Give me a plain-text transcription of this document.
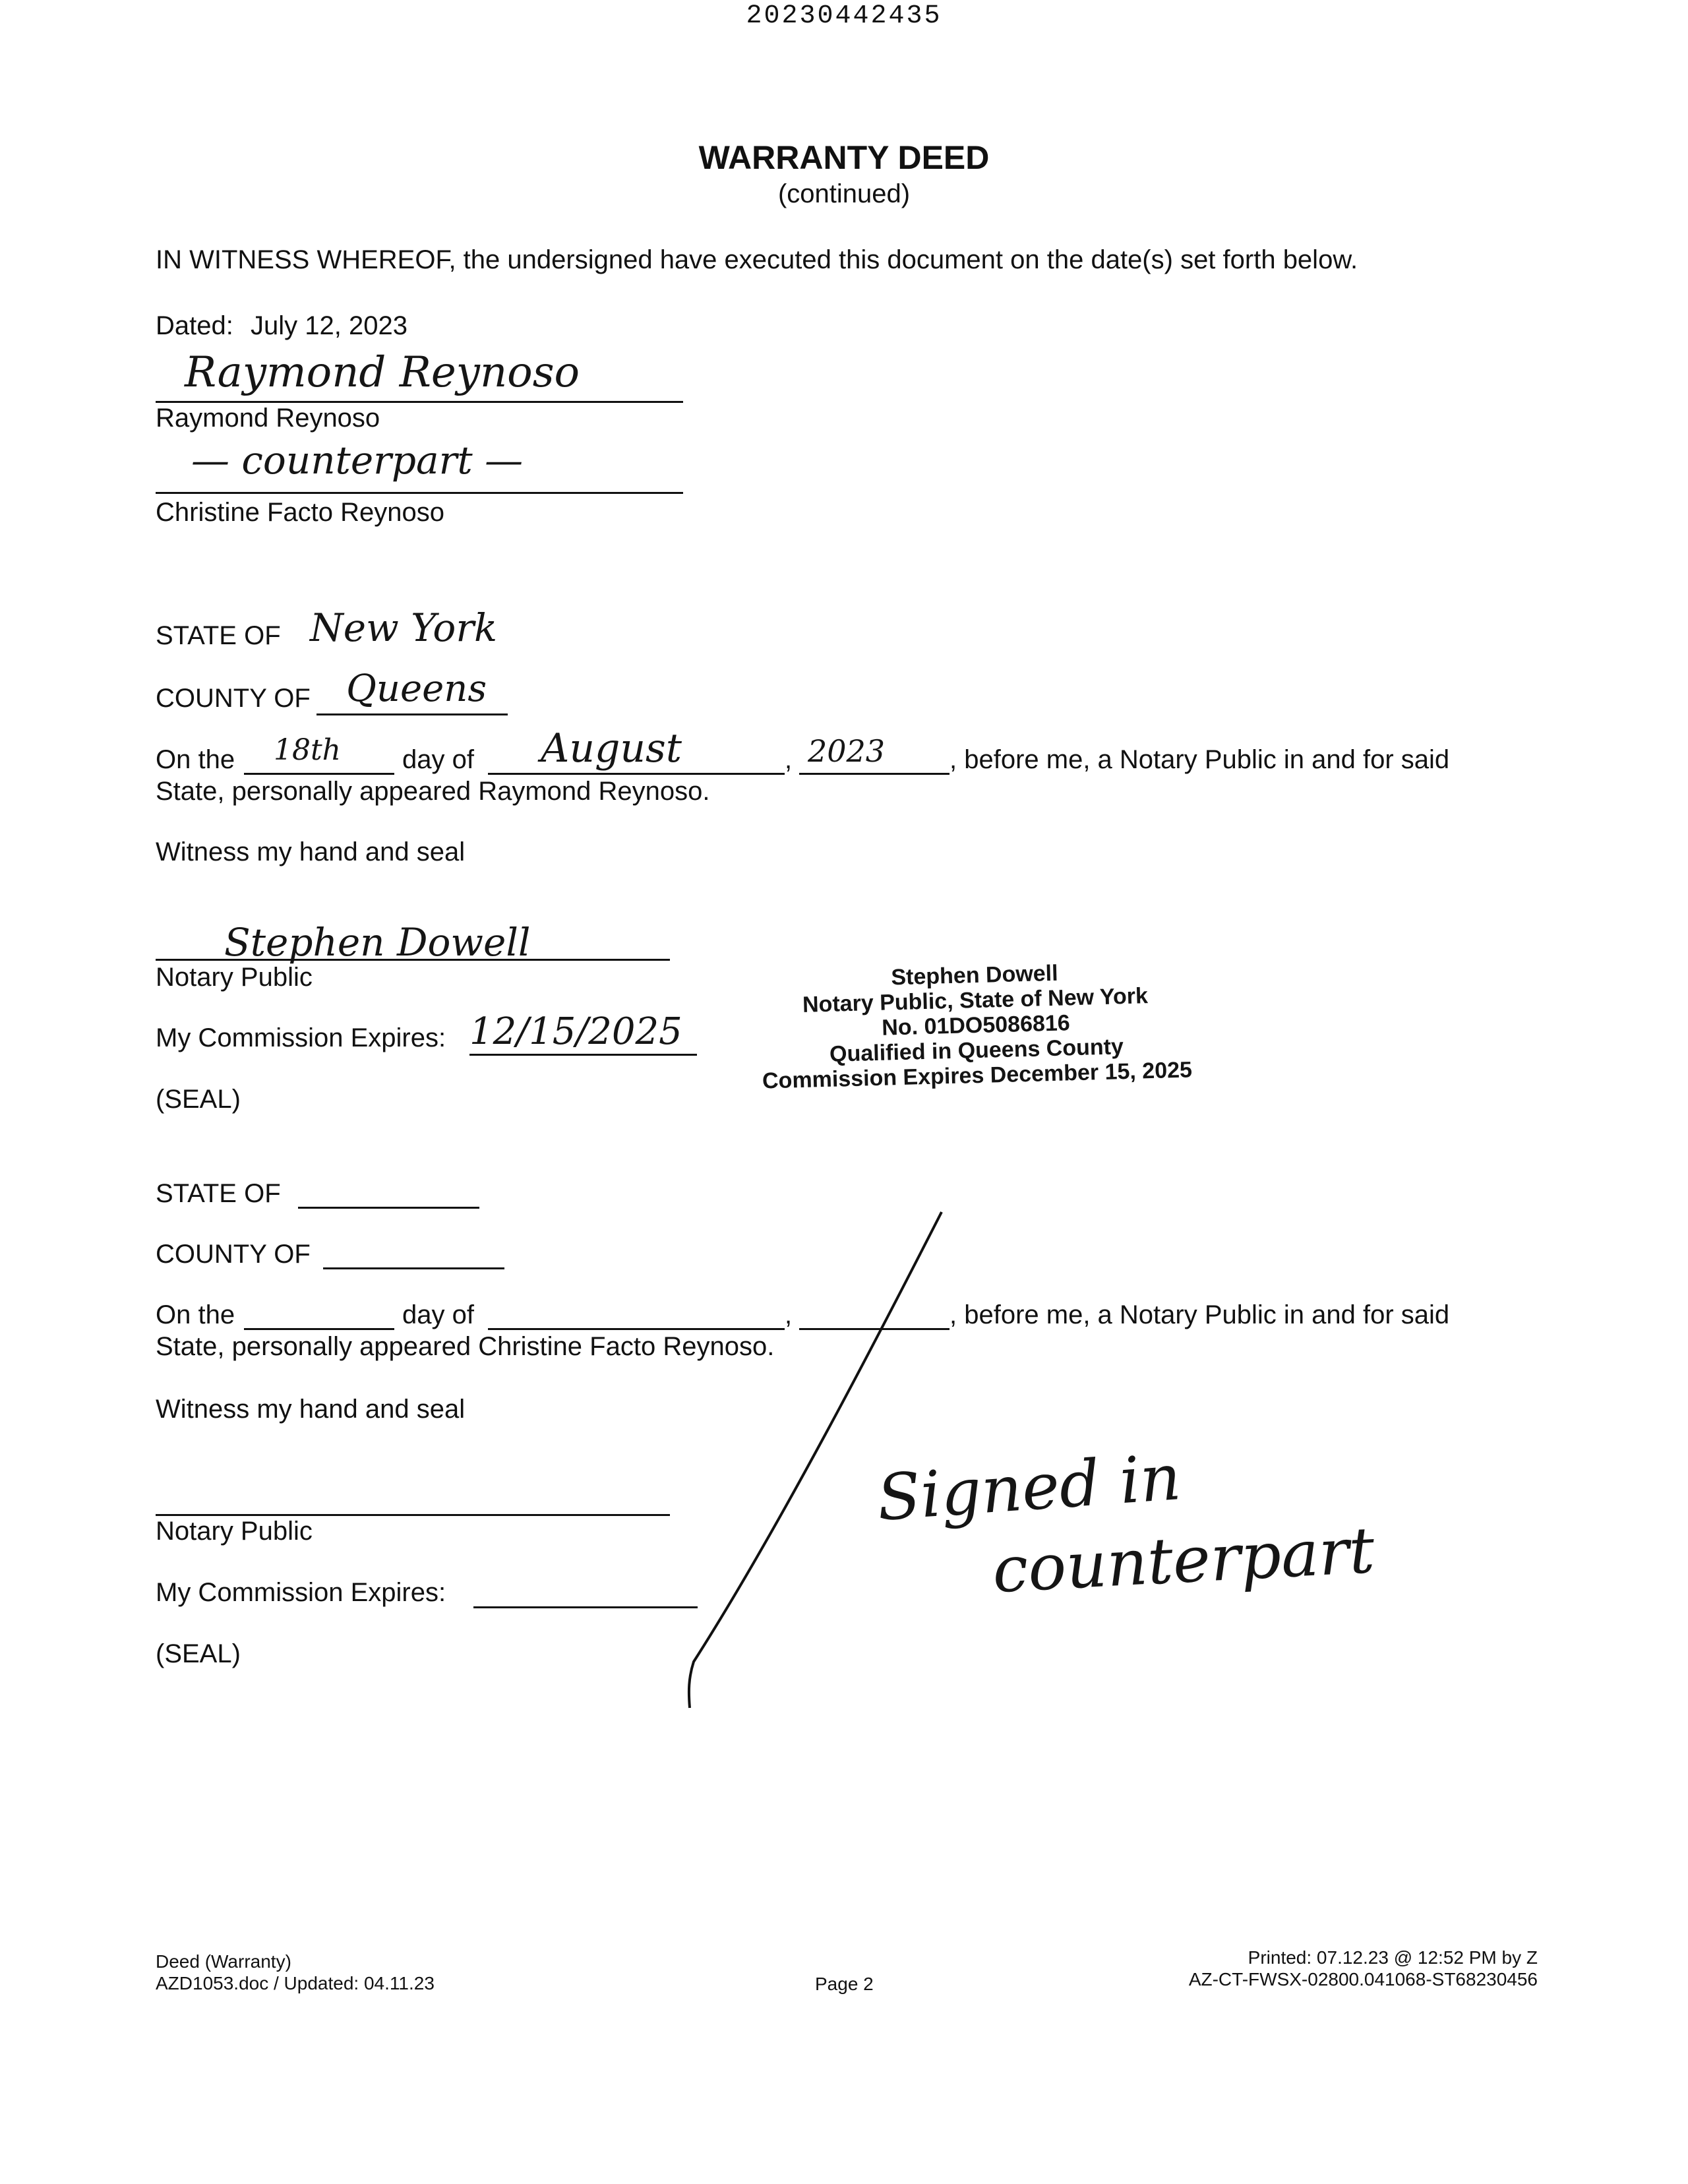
20230442435
WARRANTY DEED
(continued)
IN WITNESS WHEREOF, the undersigned have executed this document on the date(s) set forth below.
Dated: July 12, 2023
Raymond Reynoso
Raymond Reynoso
— counterpart —
Christine Facto Reynoso
STATE OF New York
COUNTY OF Queens
On the 18th day of August	, 2023 , before me, a Notary Public in and for said
State, personally appeared Raymond Reynoso.
Witness my hand and seal
Stephen Dowell
Notary Public
My Commission Expires: 12/15/2025
(SEAL)
Stephen Dowell
Notary Public, State of New York
No. 01DO5086816
Qualified in Queens County
Commission Expires December 15, 2025
STATE OF
COUNTY OF
On the	day of	,	, before me, a Notary Public in and for said
State, personally appeared Christine Facto Reynoso.
Witness my hand and seal
Notary Public
My Commission Expires:
(SEAL)
Signed in
counterpart
Deed (Warranty)
AZD1053.doc / Updated: 04.11.23	Page 2
Printed: 07.12.23 @ 12:52 PM by Z
AZ-CT-FWSX-02800.041068-ST68230456
